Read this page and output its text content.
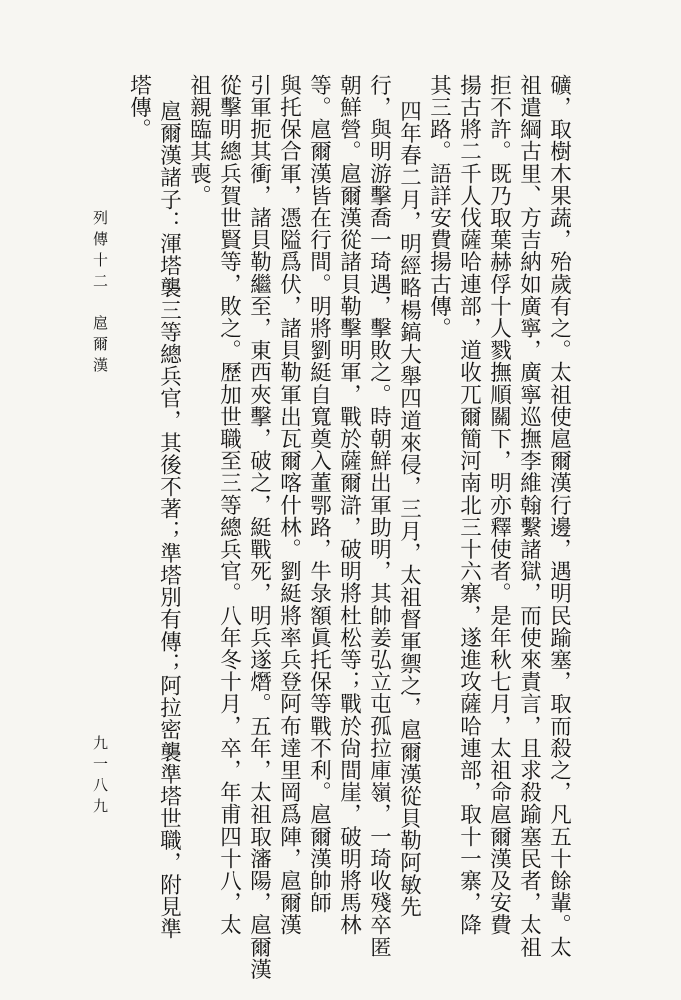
列傳十二　扈爾漢	礦，取樹木果蔬，殆歲有之。太祖使扈爾漢行邊，遇明民踰塞，取而殺之，凡五十餘輩。太
祖遣綱古里、方吉納如廣寧，廣寧巡撫李維翰繫諸獄，而使來責言，且求殺踰塞民者，太祖
拒不許。既乃取葉赫俘十人戮撫順關下，明亦釋使者。是年秋七月，太祖命扈爾漢及安費
揚古將二千人伐薩哈連部，道收兀爾簡河南北三十六寨，遂進攻薩哈連部，取十一寨，降
其三路。語詳安費揚古傳。
四年春二月，明經略楊鎬大舉四道來侵，三月，太祖督軍禦之，扈爾漢從貝勒阿敏先
行，與明游擊喬一琦遇，擊敗之。時朝鮮出軍助明，其帥姜弘立屯孤拉庫嶺，一琦收殘卒匿
朝鮮營。扈爾漢從諸貝勒擊明軍，戰於薩爾滸，破明將杜松等；戰於尙間崖，破明將馬林
等。扈爾漢皆在行間。明將劉綎自寬奠入董鄂路，牛彔額眞托保等戰不利。扈爾漢帥師
與托保合軍，憑隘爲伏，諸貝勒軍出瓦爾喀什林。劉綎將率兵登阿布達里岡爲陣，扈爾漢
引軍扼其衝，諸貝勒繼至，東西夾擊，破之，綎戰死，明兵遂熸。五年，太祖取瀋陽，扈爾漢
從擊明總兵賀世賢等，敗之。歷加世職至三等總兵官。八年冬十月，卒，年甫四十八，太
祖親臨其喪。
扈爾漢諸子：渾塔襲三等總兵官，其後不著；準塔別有傳；阿拉密襲準塔世職，附見準
塔傳。
九一八九
